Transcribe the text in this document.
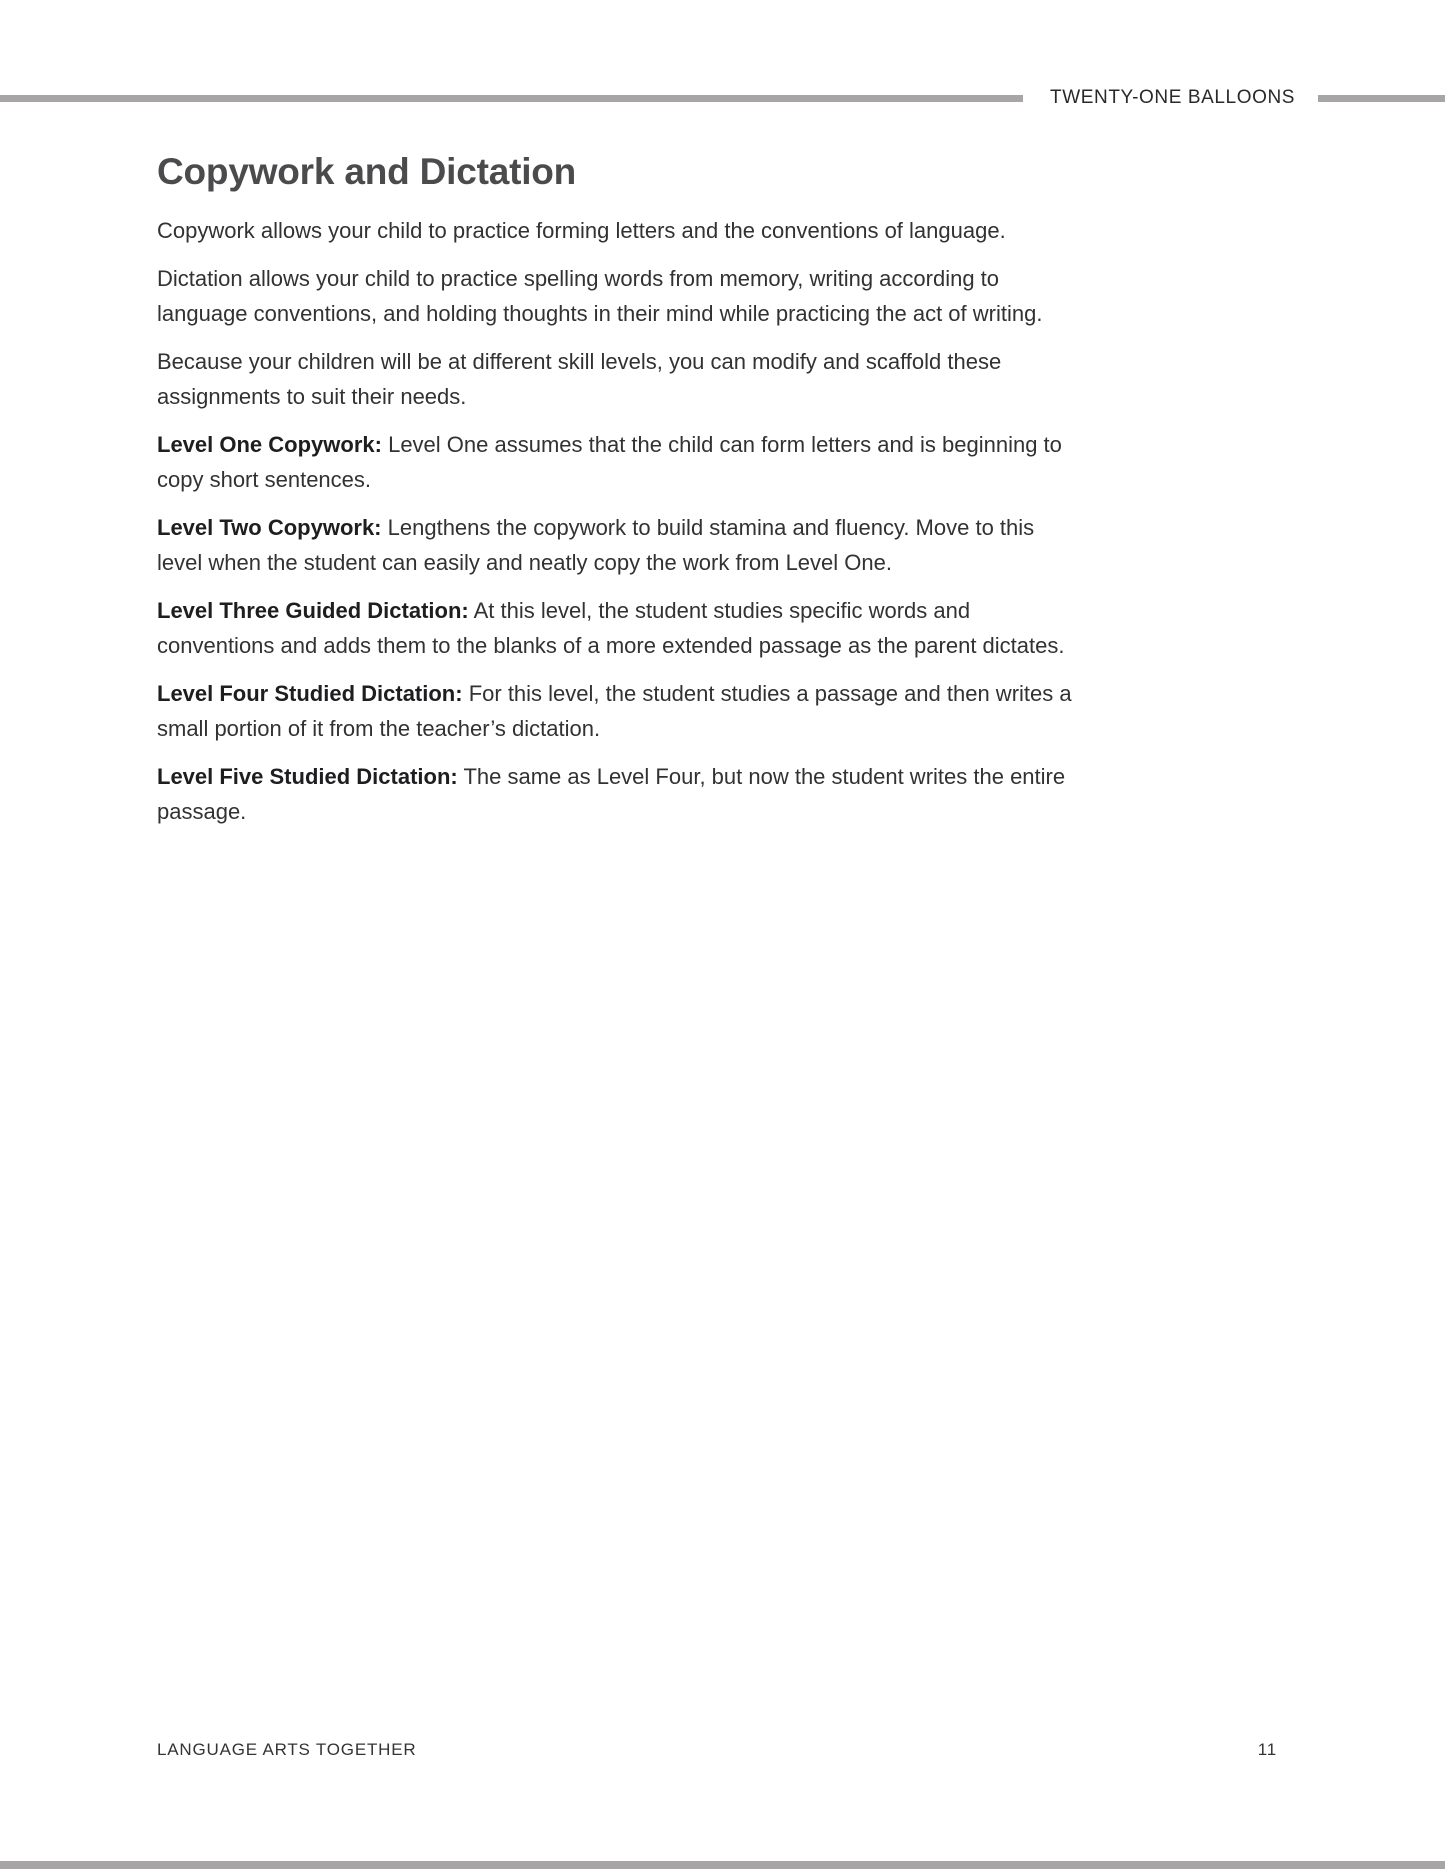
TWENTY-ONE BALLOONS
Copywork and Dictation

Copywork allows your child to practice forming letters and the conventions of language.

Dictation allows your child to practice spelling words from memory, writing according to language conventions, and holding thoughts in their mind while practicing the act of writing.

Because your children will be at different skill levels, you can modify and scaffold these assignments to suit their needs.

Level One Copywork: Level One assumes that the child can form letters and is beginning to copy short sentences.

Level Two Copywork: Lengthens the copywork to build stamina and fluency. Move to this level when the student can easily and neatly copy the work from Level One.

Level Three Guided Dictation: At this level, the student studies specific words and conventions and adds them to the blanks of a more extended passage as the parent dictates.

Level Four Studied Dictation: For this level, the student studies a passage and then writes a small portion of it from the teacher’s dictation.

Level Five Studied Dictation: The same as Level Four, but now the student writes the entire passage.

LANGUAGE ARTS TOGETHER	11
